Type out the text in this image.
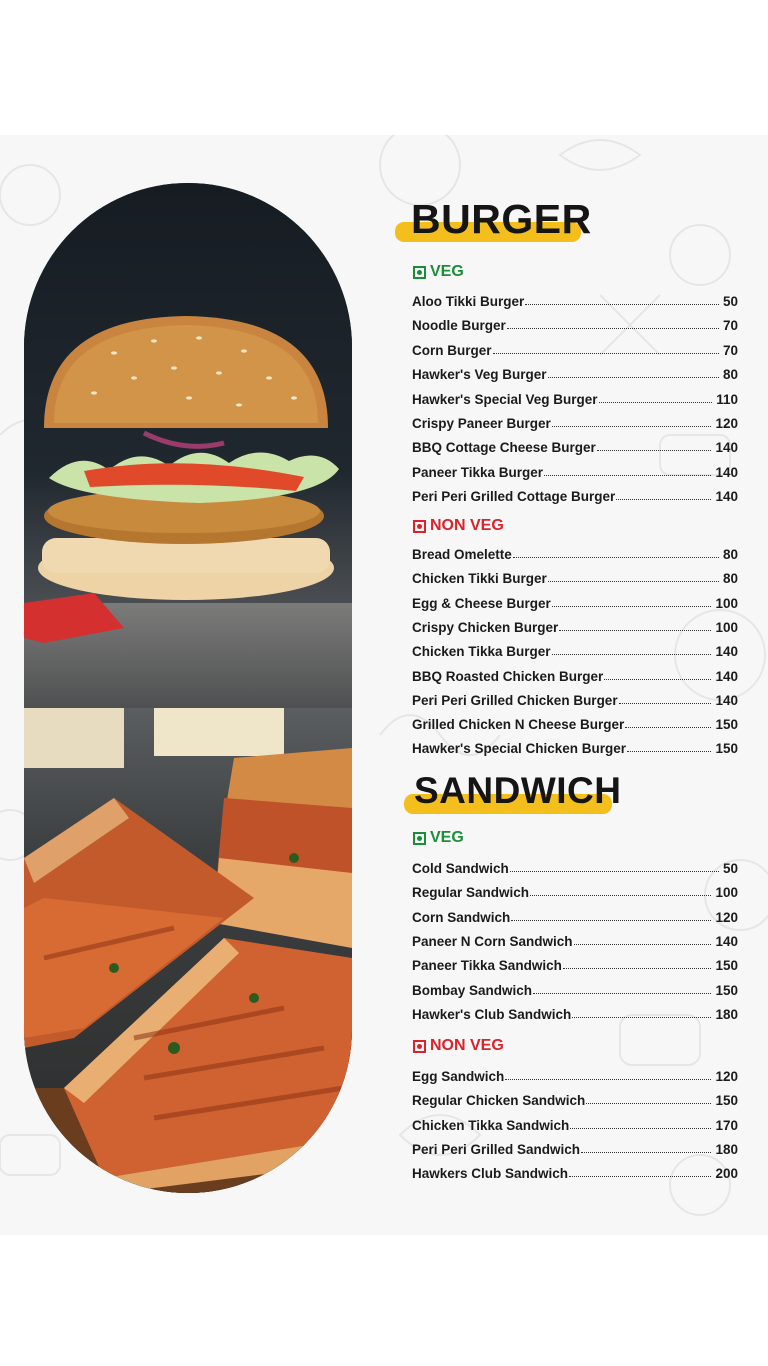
BURGER
VEG
Aloo Tikki Burger	50
Noodle Burger	70
Corn Burger	70
Hawker's Veg Burger	80
Hawker's Special Veg Burger	110
Crispy Paneer Burger	120
BBQ Cottage Cheese Burger	140
Paneer Tikka Burger	140
Peri Peri Grilled Cottage Burger	140
NON VEG
Bread Omelette	80
Chicken Tikki Burger	80
Egg & Cheese Burger	100
Crispy Chicken Burger	100
Chicken Tikka Burger	140
BBQ Roasted Chicken Burger	140
Peri Peri Grilled Chicken Burger	140
Grilled Chicken N Cheese Burger	150
Hawker's Special Chicken Burger	150
SANDWICH
VEG
Cold Sandwich	50
Regular Sandwich	100
Corn Sandwich	120
Paneer N Corn Sandwich	140
Paneer Tikka Sandwich	150
Bombay Sandwich	150
Hawker's Club Sandwich	180
NON VEG
Egg Sandwich	120
Regular Chicken Sandwich	150
Chicken Tikka Sandwich	170
Peri Peri Grilled Sandwich	180
Hawkers Club Sandwich	200
